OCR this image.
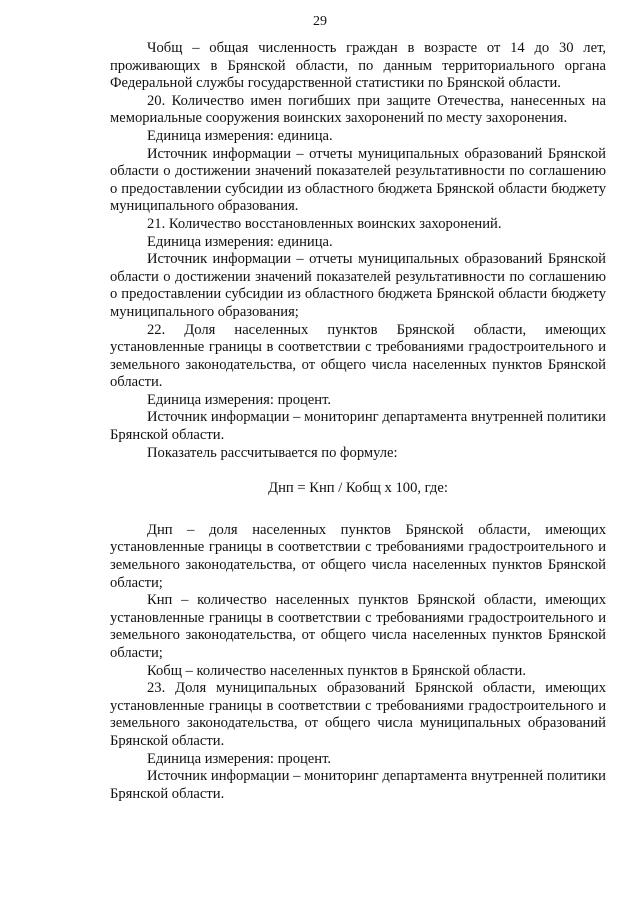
29

Чобщ – общая численность граждан в возрасте от 14 до 30 лет, проживающих в Брянской области, по данным территориального органа Федеральной службы государственной статистики по Брянской области.

20. Количество имен погибших при защите Отечества, нанесенных на мемориальные сооружения воинских захоронений по месту захоронения.

Единица измерения: единица.

Источник информации – отчеты муниципальных образований Брянской области о достижении значений показателей результативности по соглашению о предоставлении субсидии из областного бюджета Брянской области бюджету муниципального образования.

21. Количество восстановленных воинских захоронений.

Единица измерения: единица.

Источник информации – отчеты муниципальных образований Брянской области о достижении значений показателей результативности по соглашению о предоставлении субсидии из областного бюджета Брянской области бюджету муниципального образования;

22. Доля населенных пунктов Брянской области, имеющих установленные границы в соответствии с требованиями градостроительного и земельного законодательства, от общего числа населенных пунктов Брянской области.

Единица измерения: процент.

Источник информации – мониторинг департамента внутренней политики Брянской области.

Показатель рассчитывается по формуле:

Днп = Кнп / Кобщ х 100, где:

Днп – доля населенных пунктов Брянской области, имеющих установленные границы в соответствии с требованиями градостроительного и земельного законодательства, от общего числа населенных пунктов Брянской области;

Кнп – количество населенных пунктов Брянской области, имеющих установленные границы в соответствии с требованиями градостроительного и земельного законодательства, от общего числа населенных пунктов Брянской области;

Кобщ – количество населенных пунктов в Брянской области.

23. Доля муниципальных образований Брянской области, имеющих установленные границы в соответствии с требованиями градостроительного и земельного законодательства, от общего числа муниципальных образований Брянской области.

Единица измерения: процент.

Источник информации – мониторинг департамента внутренней политики Брянской области.
